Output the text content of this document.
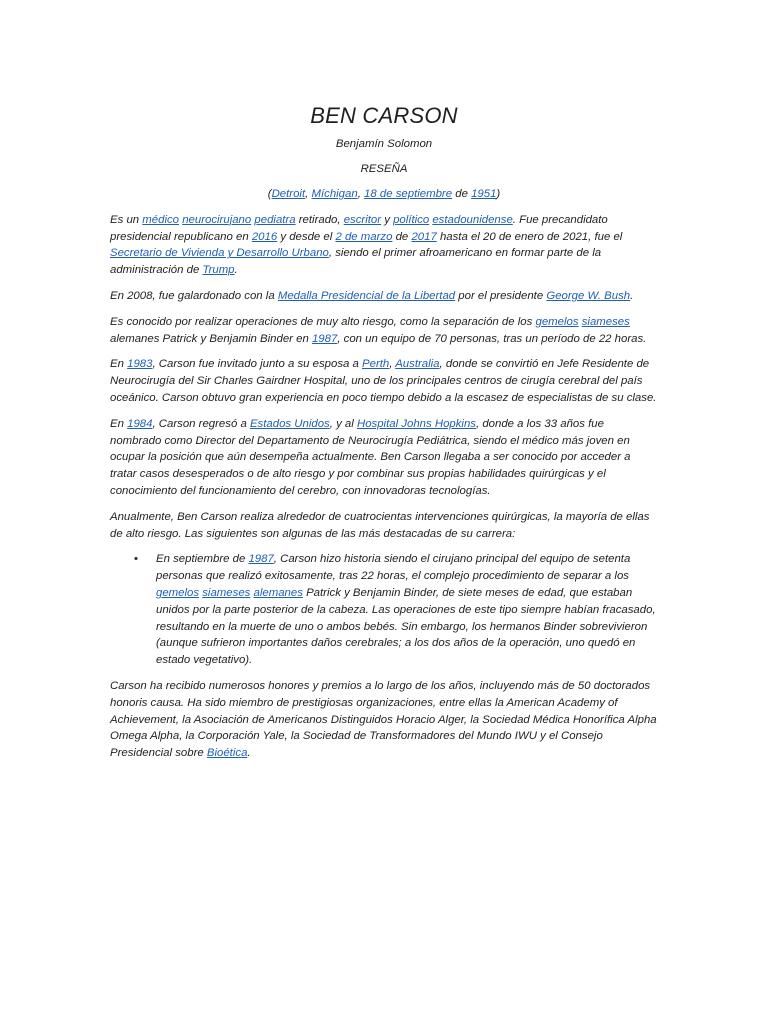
BEN CARSON
Benjamín Solomon
RESEÑA
(Detroit, Míchigan, 18 de septiembre de 1951)

Es un médico neurocirujano pediatra retirado, escritor y político estadounidense. Fue precandidato presidencial republicano en 2016 y desde el 2 de marzo de 2017 hasta el 20 de enero de 2021, fue el Secretario de Vivienda y Desarrollo Urbano, siendo el primer afroamericano en formar parte de la administración de Trump.

En 2008, fue galardonado con la Medalla Presidencial de la Libertad por el presidente George W. Bush.

Es conocido por realizar operaciones de muy alto riesgo, como la separación de los gemelos siameses alemanes Patrick y Benjamin Binder en 1987, con un equipo de 70 personas, tras un período de 22 horas.

En 1983, Carson fue invitado junto a su esposa a Perth, Australia, donde se convirtió en Jefe Residente de Neurocirugía del Sir Charles Gairdner Hospital, uno de los principales centros de cirugía cerebral del país oceánico. Carson obtuvo gran experiencia en poco tiempo debido a la escasez de especialistas de su clase.

En 1984, Carson regresó a Estados Unidos, y al Hospital Johns Hopkins, donde a los 33 años fue nombrado como Director del Departamento de Neurocirugía Pediátrica, siendo el médico más joven en ocupar la posición que aún desempeña actualmente. Ben Carson llegaba a ser conocido por acceder a tratar casos desesperados o de alto riesgo y por combinar sus propias habilidades quirúrgicas y el conocimiento del funcionamiento del cerebro, con innovadoras tecnologías.

Anualmente, Ben Carson realiza alrededor de cuatrocientas intervenciones quirúrgicas, la mayoría de ellas de alto riesgo. Las siguientes son algunas de las más destacadas de su carrera:

• En septiembre de 1987, Carson hizo historia siendo el cirujano principal del equipo de setenta personas que realizó exitosamente, tras 22 horas, el complejo procedimiento de separar a los gemelos siameses alemanes Patrick y Benjamin Binder, de siete meses de edad, que estaban unidos por la parte posterior de la cabeza. Las operaciones de este tipo siempre habían fracasado, resultando en la muerte de uno o ambos bebés. Sin embargo, los hermanos Binder sobrevivieron (aunque sufrieron importantes daños cerebrales; a los dos años de la operación, uno quedó en estado vegetativo).

Carson ha recibido numerosos honores y premios a lo largo de los años, incluyendo más de 50 doctorados honoris causa. Ha sido miembro de prestigiosas organizaciones, entre ellas la American Academy of Achievement, la Asociación de Americanos Distinguidos Horacio Alger, la Sociedad Médica Honorífica Alpha Omega Alpha, la Corporación Yale, la Sociedad de Transformadores del Mundo IWU y el Consejo Presidencial sobre Bioética.
